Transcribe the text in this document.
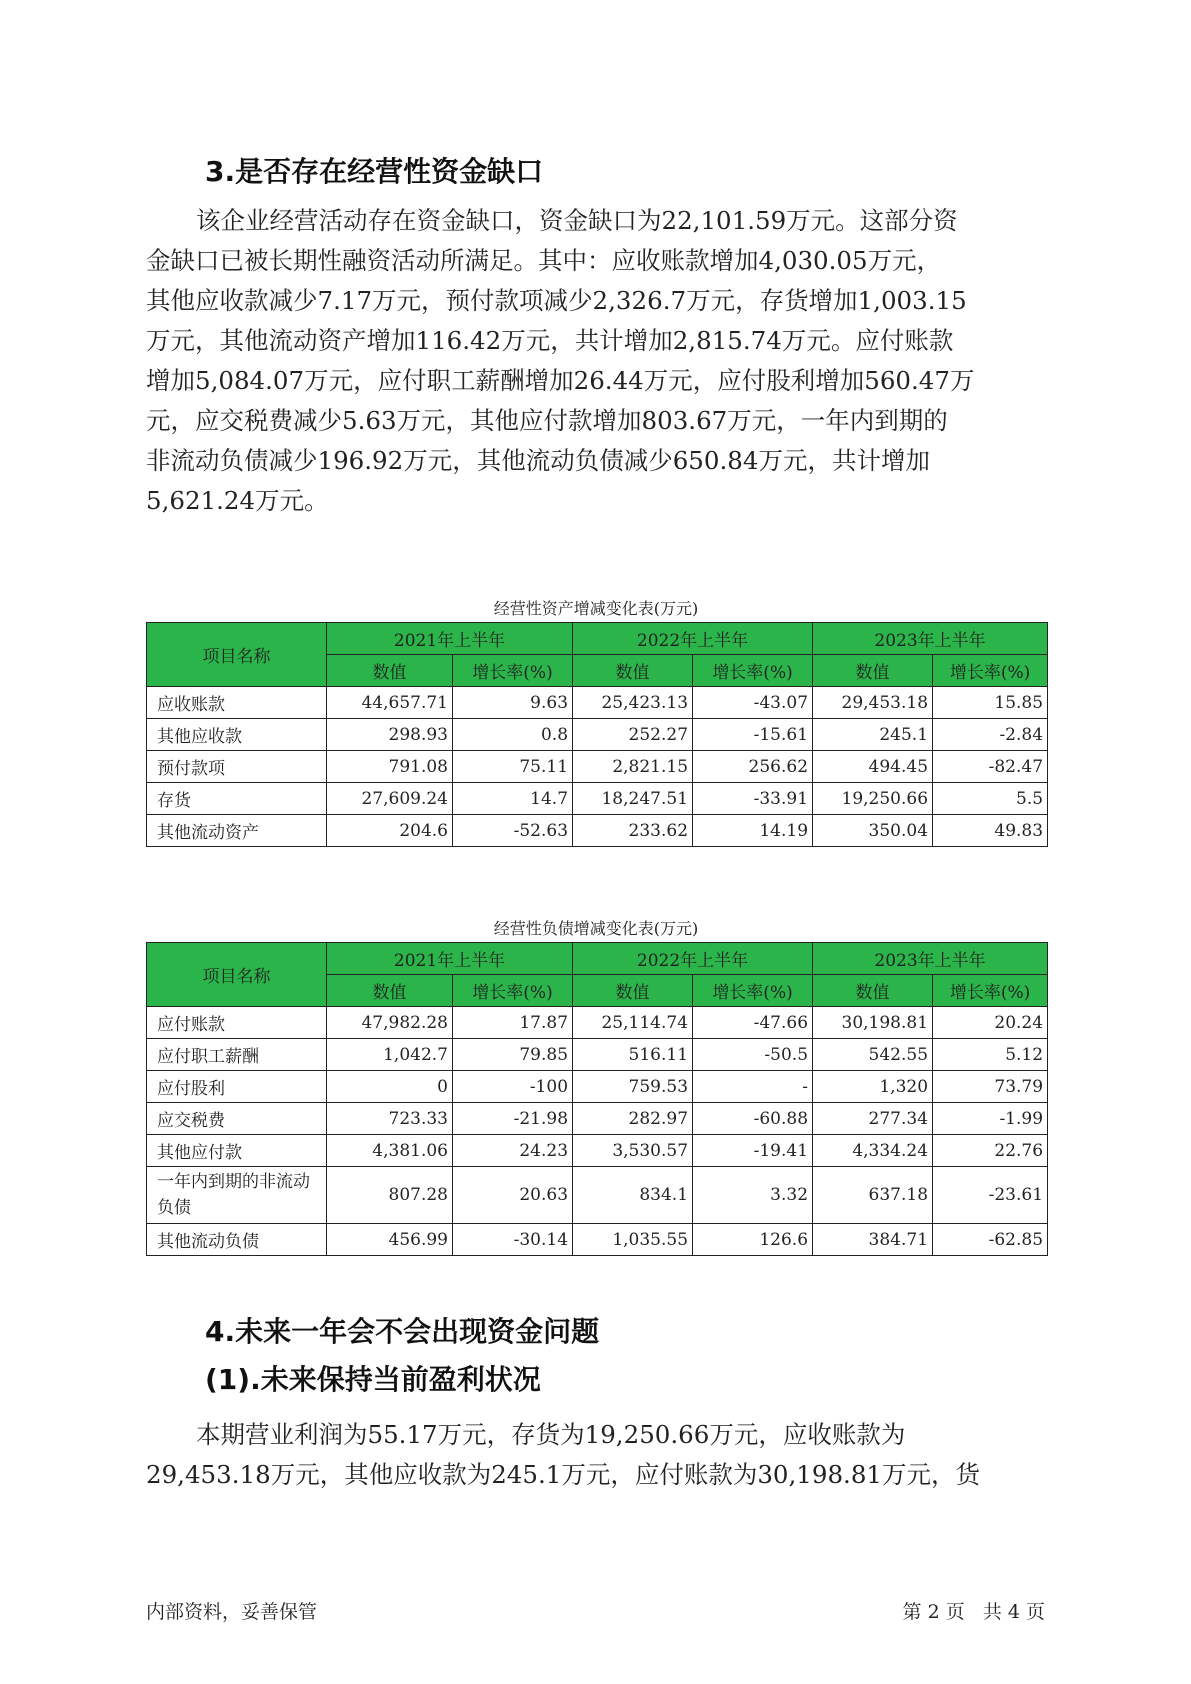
3.是否存在经营性资金缺口
该企业经营活动存在资金缺口，资金缺口为22,101.59万元。这部分资
金缺口已被长期性融资活动所满足。其中：应收账款增加4,030.05万元，
其他应收款减少7.17万元，预付款项减少2,326.7万元，存货增加1,003.15
万元，其他流动资产增加116.42万元，共计增加2,815.74万元。应付账款
增加5,084.07万元，应付职工薪酬增加26.44万元，应付股利增加560.47万
元，应交税费减少5.63万元，其他应付款增加803.67万元，一年内到期的
非流动负债减少196.92万元，其他流动负债减少650.84万元，共计增加
5,621.24万元。
经营性资产增减变化表(万元)
项目名称	2021年上半年		2022年上半年		2023年上半年	
	数值	增长率(%)	数值	增长率(%)	数值	增长率(%)
应收账款	44,657.71	9.63	25,423.13	-43.07	29,453.18	15.85
其他应收款	298.93	0.8	252.27	-15.61	245.1	-2.84
预付款项	791.08	75.11	2,821.15	256.62	494.45	-82.47
存货	27,609.24	14.7	18,247.51	-33.91	19,250.66	5.5
其他流动资产	204.6	-52.63	233.62	14.19	350.04	49.83
经营性负债增减变化表(万元)
项目名称	2021年上半年		2022年上半年		2023年上半年	
	数值	增长率(%)	数值	增长率(%)	数值	增长率(%)
应付账款	47,982.28	17.87	25,114.74	-47.66	30,198.81	20.24
应付职工薪酬	1,042.7	79.85	516.11	-50.5	542.55	5.12
应付股利	0	-100	759.53	-	1,320	73.79
应交税费	723.33	-21.98	282.97	-60.88	277.34	-1.99
其他应付款	4,381.06	24.23	3,530.57	-19.41	4,334.24	22.76
一年内到期的非流动负债	807.28	20.63	834.1	3.32	637.18	-23.61
其他流动负债	456.99	-30.14	1,035.55	126.6	384.71	-62.85
4.未来一年会不会出现资金问题
(1).未来保持当前盈利状况
本期营业利润为55.17万元，存货为19,250.66万元，应收账款为
29,453.18万元，其他应收款为245.1万元，应付账款为30,198.81万元，货
内部资料，妥善保管	第 2 页   共 4 页
